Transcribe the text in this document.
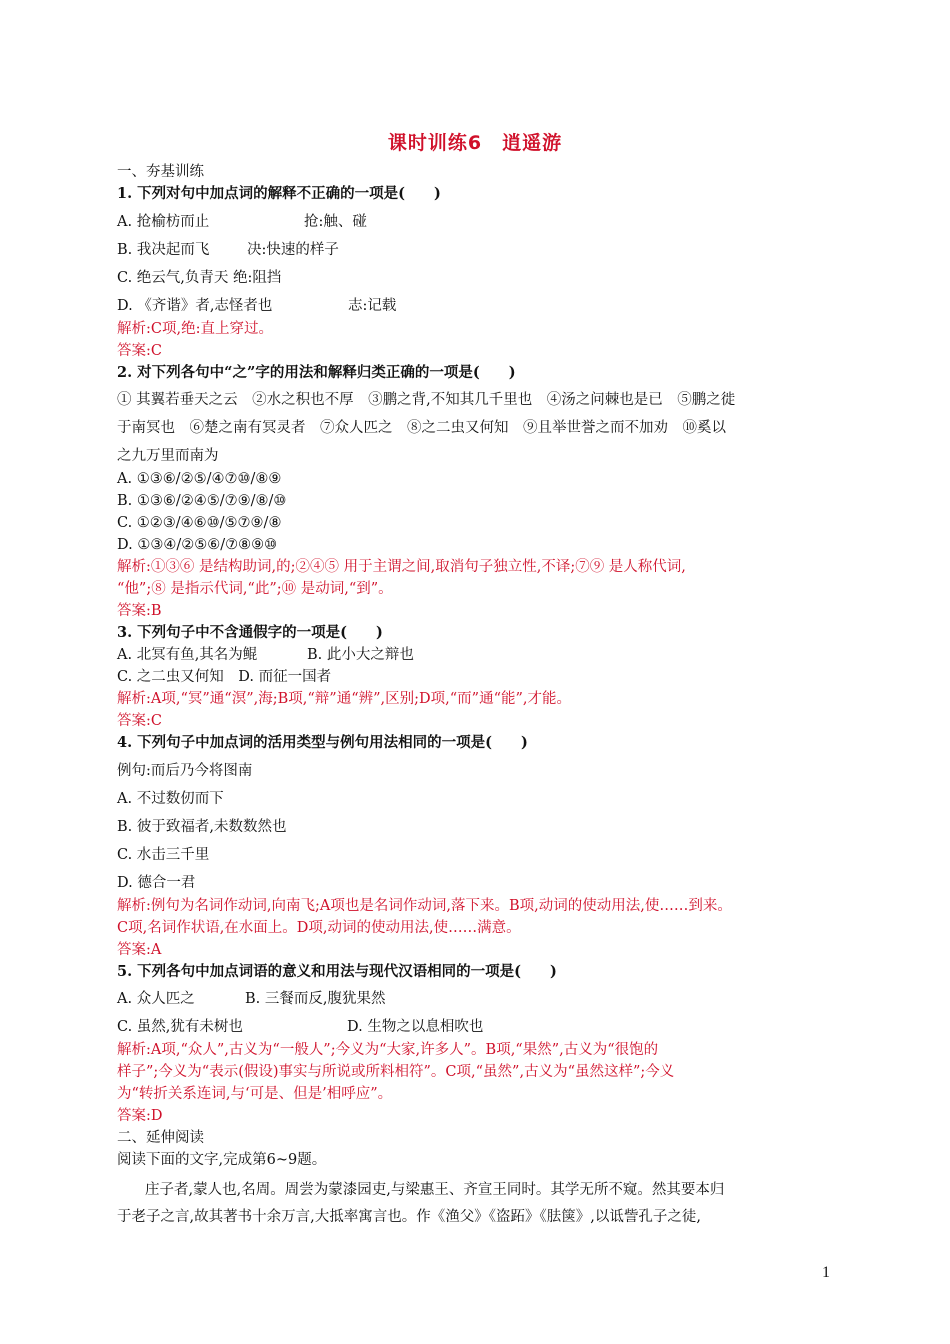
课时训练6　逍遥游
一、夯基训练
1. 下列对句中加点词的解释不正确的一项是(　　)
A. 抢榆枋而止	抢:触、碰
B. 我决起而飞	决:快速的样子
C. 绝云气,负青天 绝:阻挡
D. 《齐谐》者,志怪者也	志:记载
解析:C项,绝:直上穿过。
答案:C
2. 对下列各句中“之”字的用法和解释归类正确的一项是(　　)
① 其翼若垂天之云　②水之积也不厚　③鹏之背,不知其几千里也　④汤之问棘也是已　⑤鹏之徙
于南冥也　⑥楚之南有冥灵者　⑦众人匹之　⑧之二虫又何知　⑨且举世誉之而不加劝　⑩奚以
之九万里而南为
A. ①③⑥/②⑤/④⑦⑩/⑧⑨
B. ①③⑥/②④⑤/⑦⑨/⑧/⑩
C. ①②③/④⑥⑩/⑤⑦⑨/⑧
D. ①③④/②⑤⑥/⑦⑧⑨⑩
解析:①③⑥ 是结构助词,的;②④⑤ 用于主谓之间,取消句子独立性,不译;⑦⑨ 是人称代词,
“他”;⑧ 是指示代词,“此”;⑩ 是动词,“到”。
答案:B
3. 下列句子中不含通假字的一项是(　　)
A. 北冥有鱼,其名为鲲	B. 此小大之辩也
C. 之二虫又何知　D. 而征一国者
解析:A项,“冥”通“溟”,海;B项,“辩”通“辨”,区别;D项,“而”通“能”,才能。
答案:C
4. 下列句子中加点词的活用类型与例句用法相同的一项是(　　)
例句:而后乃今将图南
A. 不过数仞而下
B. 彼于致福者,未数数然也
C. 水击三千里
D. 德合一君
解析:例句为名词作动词,向南飞;A项也是名词作动词,落下来。B项,动词的使动用法,使……到来。
C项,名词作状语,在水面上。D项,动词的使动用法,使……满意。
答案:A
5. 下列各句中加点词语的意义和用法与现代汉语相同的一项是(　　)
A. 众人匹之	B. 三餐而反,腹犹果然
C. 虽然,犹有未树也	D. 生物之以息相吹也
解析:A项,“众人”,古义为“一般人”;今义为“大家,许多人”。B项,“果然”,古义为“很饱的
样子”;今义为“表示(假设)事实与所说或所料相符”。C项,“虽然”,古义为“虽然这样”;今义
为“转折关系连词,与‘可是、但是’相呼应”。
答案:D
二、延伸阅读
阅读下面的文字,完成第6~9题。
庄子者,蒙人也,名周。周尝为蒙漆园吏,与梁惠王、齐宣王同时。其学无所不窥。然其要本归
于老子之言,故其著书十余万言,大抵率寓言也。作《渔父》《盗跖》《胠箧》,以诋訾孔子之徒,
1
